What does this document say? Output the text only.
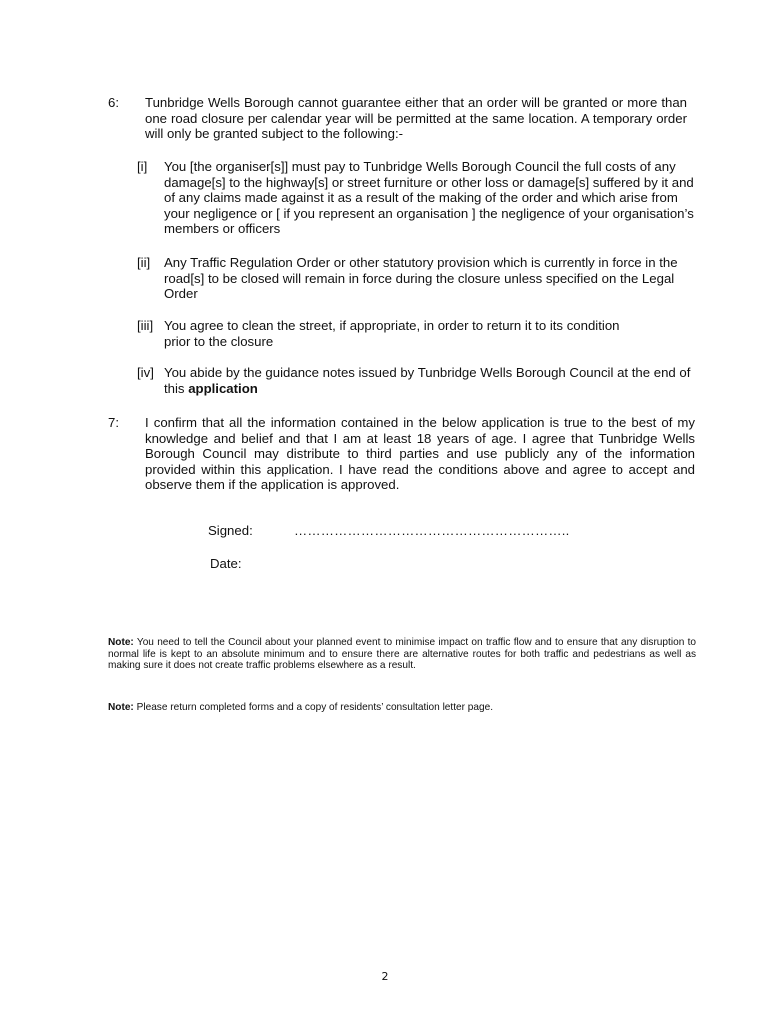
6: Tunbridge Wells Borough cannot guarantee either that an order will be granted or more than one road closure per calendar year will be permitted at the same location. A temporary order will only be granted subject to the following:-
[i] You [the organiser[s]] must pay to Tunbridge Wells Borough Council the full costs of any damage[s] to the highway[s] or street furniture or other loss or damage[s] suffered by it and of any claims made against it as a result of the making of the order and which arise from your negligence or [ if you represent an organisation ] the negligence of your organisation’s members or officers
[ii] Any Traffic Regulation Order or other statutory provision which is currently in force in the road[s] to be closed will remain in force during the closure unless specified on the Legal Order
[iii] You agree to clean the street, if appropriate, in order to return it to its condition prior to the closure
[iv] You abide by the guidance notes issued by Tunbridge Wells Borough Council at the end of this application
7: I confirm that all the information contained in the below application is true to the best of my knowledge and belief and that I am at least 18 years of age. I agree that Tunbridge Wells Borough Council may distribute to third parties and use publicly any of the information provided within this application. I have read the conditions above and agree to accept and observe them if the application is approved.
Signed:	……………………………………………………..
Date:
Note: You need to tell the Council about your planned event to minimise impact on traffic flow and to ensure that any disruption to normal life is kept to an absolute minimum and to ensure there are alternative routes for both traffic and pedestrians as well as making sure it does not create traffic problems elsewhere as a result.
Note: Please return completed forms and a copy of residents’ consultation letter page.
2
